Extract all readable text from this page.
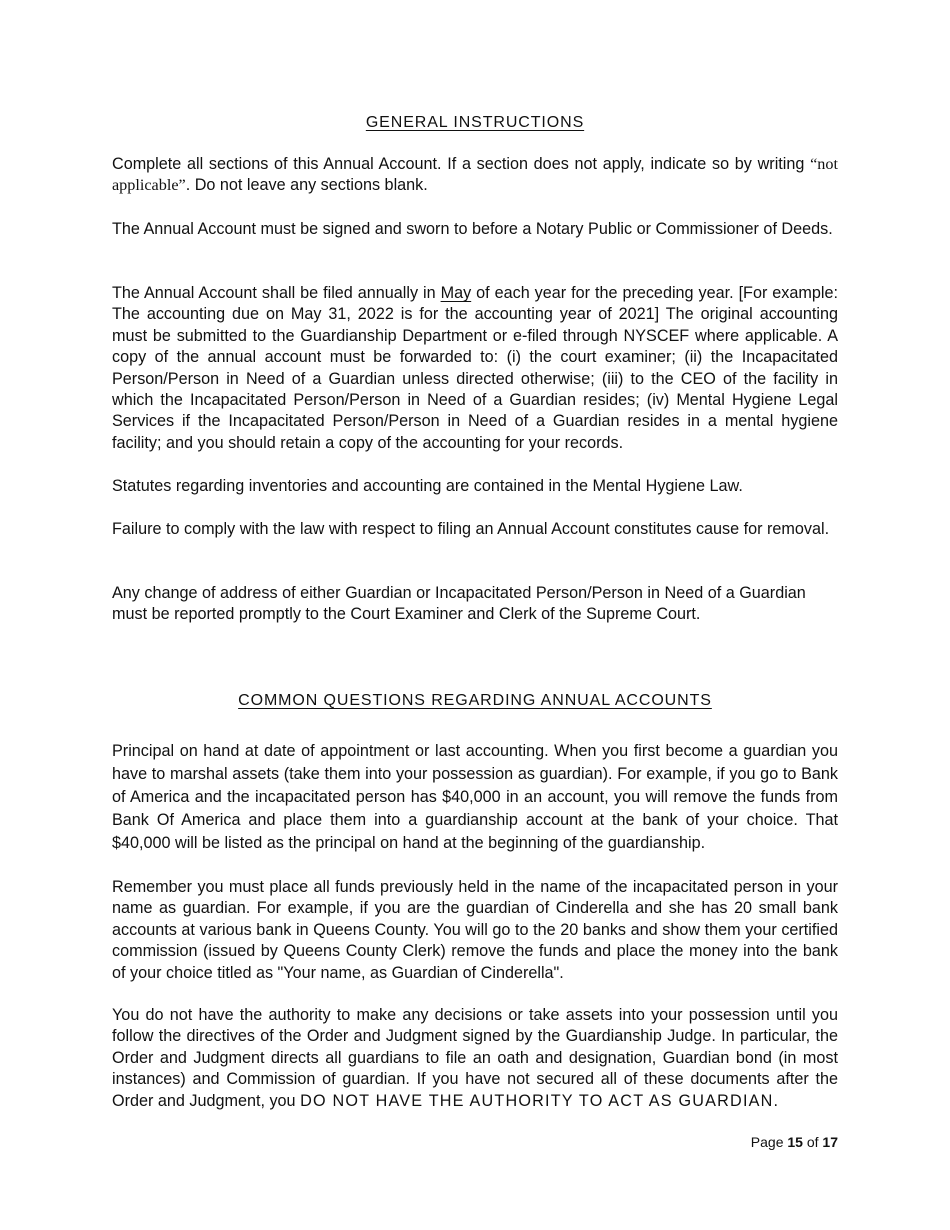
GENERAL INSTRUCTIONS
Complete all sections of this Annual Account. If a section does not apply, indicate so by writing “not applicable”. Do not leave any sections blank.
The Annual Account must be signed and sworn to before a Notary Public or Commissioner of Deeds.
The Annual Account shall be filed annually in May of each year for the preceding year. [For example: The accounting due on May 31, 2022 is for the accounting year of 2021] The original accounting must be submitted to the Guardianship Department or e-filed through NYSCEF where applicable. A copy of the annual account must be forwarded to: (i) the court examiner; (ii) the Incapacitated Person/Person in Need of a Guardian unless directed otherwise; (iii) to the CEO of the facility in which the Incapacitated Person/Person in Need of a Guardian resides; (iv) Mental Hygiene Legal Services if the Incapacitated Person/Person in Need of a Guardian resides in a mental hygiene facility; and you should retain a copy of the accounting for your records.
Statutes regarding inventories and accounting are contained in the Mental Hygiene Law.
Failure to comply with the law with respect to filing an Annual Account constitutes cause for removal.
Any change of address of either Guardian or Incapacitated Person/Person in Need of a Guardian
must be reported promptly to the Court Examiner and Clerk of the Supreme Court.
COMMON QUESTIONS REGARDING ANNUAL ACCOUNTS
Principal on hand at date of appointment or last accounting. When you first become a guardian you have to marshal assets (take them into your possession as guardian). For example, if you go to Bank of America and the incapacitated person has $40,000 in an account, you will remove the funds from Bank Of America and place them into a guardianship account at the bank of your choice. That $40,000 will be listed as the principal on hand at the beginning of the guardianship.
Remember you must place all funds previously held in the name of the incapacitated person in your name as guardian. For example, if you are the guardian of Cinderella and she has 20 small bank accounts at various bank in Queens County. You will go to the 20 banks and show them your certified commission (issued by Queens County Clerk) remove the funds and place the money into the bank of your choice titled as "Your name, as Guardian of Cinderella".
You do not have the authority to make any decisions or take assets into your possession until you follow the directives of the Order and Judgment signed by the Guardianship Judge. In particular, the Order and Judgment directs all guardians to file an oath and designation, Guardian bond (in most instances) and Commission of guardian. If you have not secured all of these documents after the Order and Judgment, you DO NOT HAVE THE AUTHORITY TO ACT AS GUARDIAN.
Page 15 of 17
